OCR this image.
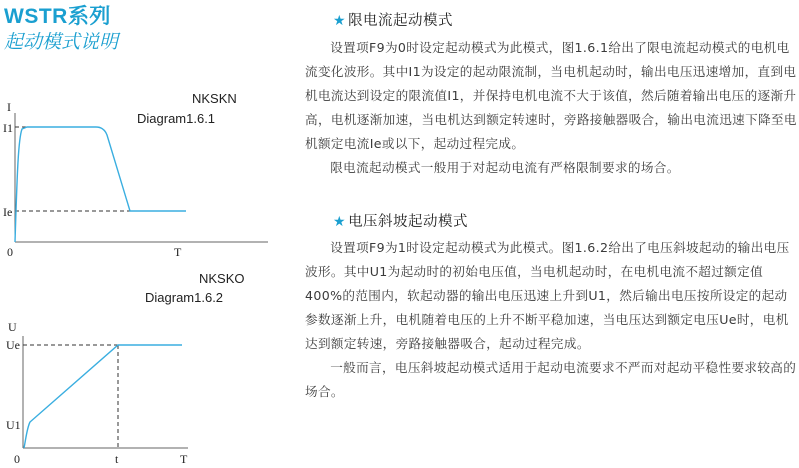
WSTR系列
起动模式说明
NKSKN
Diagram1.6.1
I
I1
Ie
0	T
NKSKO
Diagram1.6.2
U
Ue
U1
0	t	T
★ 限电流起动模式

设置项F9为0时设定起动模式为此模式，图1.6.1给出了限电流起动模式的电机电流变化波形。其中I1为设定的起动限流制，当电机起动时，输出电压迅速增加，直到电机电流达到设定的限流值I1，并保持电机电流不大于该值，然后随着输出电压的逐渐升高，电机逐渐加速，当电机达到额定转速时，旁路接触器吸合，输出电流迅速下降至电机额定电流Ie或以下，起动过程完成。

限电流起动模式一般用于对起动电流有严格限制要求的场合。

★ 电压斜坡起动模式

设置项F9为1时设定起动模式为此模式。图1.6.2给出了电压斜坡起动的输出电压波形。其中U1为起动时的初始电压值，当电机起动时，在电机电流不超过额定值400%的范围内，软起动器的输出电压迅速上升到U1，然后输出电压按所设定的起动参数逐渐上升，电机随着电压的上升不断平稳加速，当电压达到额定电压Ue时，电机达到额定转速，旁路接触器吸合，起动过程完成。

一般而言，电压斜坡起动模式适用于起动电流要求不严而对起动平稳性要求较高的场合。
